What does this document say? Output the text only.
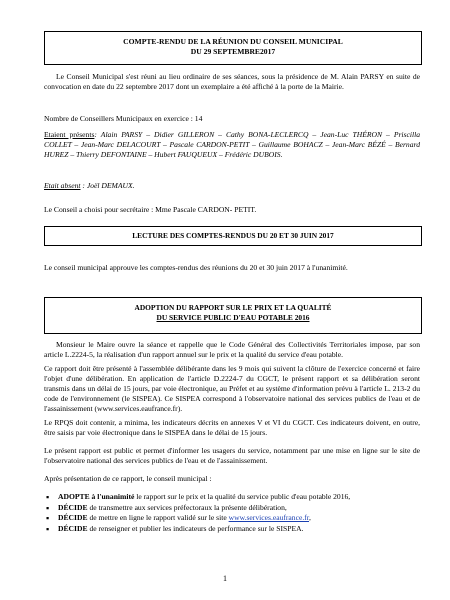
COMPTE-RENDU DE LA RÉUNION DU CONSEIL MUNICIPAL
DU 29 SEPTEMBRE2017

Le Conseil Municipal s'est réuni au lieu ordinaire de ses séances, sous la présidence de M. Alain PARSY en suite de convocation en date du 22 septembre 2017 dont un exemplaire a été affiché à la porte de la Mairie.

Nombre de Conseillers Municipaux en exercice : 14

Etaient présents: Alain PARSY – Didier GILLERON – Cathy BONA-LECLERCQ – Jean-Luc THÉRON – Priscilla COLLET – Jean-Marc DELACOURT – Pascale CARDON-PETIT – Guillaume BOHACZ – Jean-Marc BÉZÉ – Bernard HUREZ – Thierry DEFONTAINE – Hubert FAUQUEUX – Frédéric DUBOIS.

Etait absent : Joël DEMAUX.

Le Conseil a choisi pour secrétaire : Mme Pascale CARDON- PETIT.

LECTURE DES COMPTES-RENDUS DU 20 ET 30 JUIN 2017

Le conseil municipal approuve les comptes-rendus des réunions du 20 et 30 juin 2017 à l'unanimité.

ADOPTION DU RAPPORT SUR LE PRIX ET LA QUALITÉ
DU SERVICE PUBLIC D'EAU POTABLE 2016

Monsieur le Maire ouvre la séance et rappelle que le Code Général des Collectivités Territoriales impose, par son article L.2224-5, la réalisation d'un rapport annuel sur le prix et la qualité du service d'eau potable.

Ce rapport doit être présenté à l'assemblée délibérante dans les 9 mois qui suivent la clôture de l'exercice concerné et faire l'objet d'une délibération. En application de l'article D.2224-7 du CGCT, le présent rapport et sa délibération seront transmis dans un délai de 15 jours, par voie électronique, au Préfet et au système d'information prévu à l'article L. 213-2 du code de l'environnement (le SISPEA). Ce SISPEA correspond à l'observatoire national des services publics de l'eau et de l'assainissement (www.services.eaufrance.fr).

Le RPQS doit contenir, a minima, les indicateurs décrits en annexes V et VI du CGCT. Ces indicateurs doivent, en outre, être saisis par voie électronique dans le SISPEA dans le délai de 15 jours.

Le présent rapport est public et permet d'informer les usagers du service, notamment par une mise en ligne sur le site de l'observatoire national des services publics de l'eau et de l'assainissement.

Après présentation de ce rapport, le conseil municipal :

▪ ADOPTE à l'unanimité le rapport sur le prix et la qualité du service public d'eau potable 2016,
▪ DÉCIDE de transmettre aux services préfectoraux la présente délibération,
▪ DÉCIDE de mettre en ligne le rapport validé sur le site www.services.eaufrance.fr,
▪ DÉCIDE de renseigner et publier les indicateurs de performance sur le SISPEA.
1
